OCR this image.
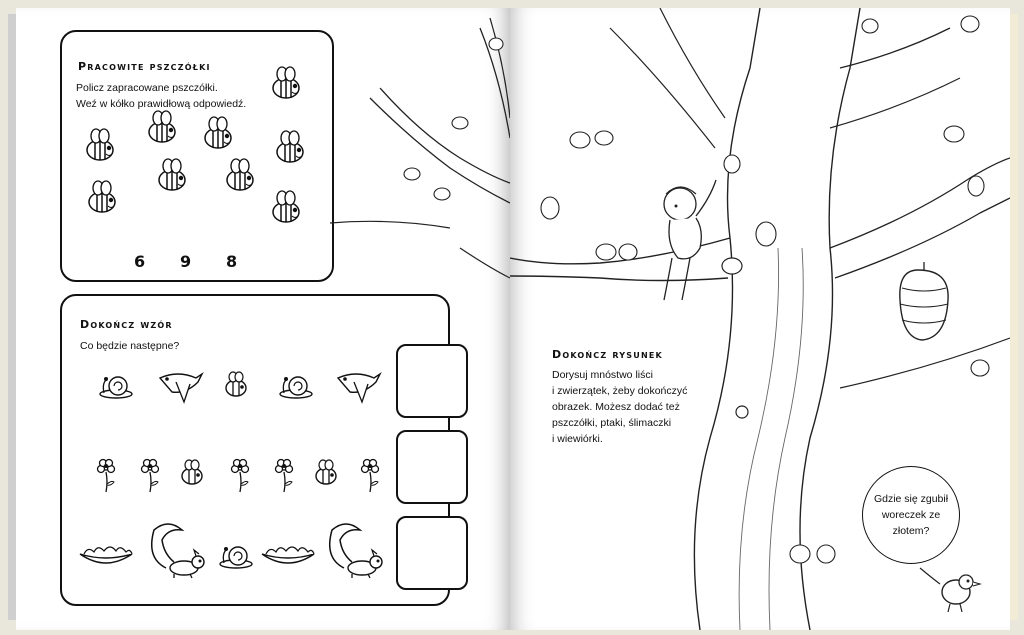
Pracowite pszczółki
Policz zapracowane pszczółki.
Weź w kółko prawidłową odpowiedź.
6 9 8
Dokończ wzór
Co będzie następne?
Dokończ rysunek
Dorysuj mnóstwo liści
i zwierzątek, żeby dokończyć
obrazek. Możesz dodać też
pszczółki, ptaki, ślimaczki
i wiewiórki.
Gdzie się zgubił
woreczek ze
złotem?
